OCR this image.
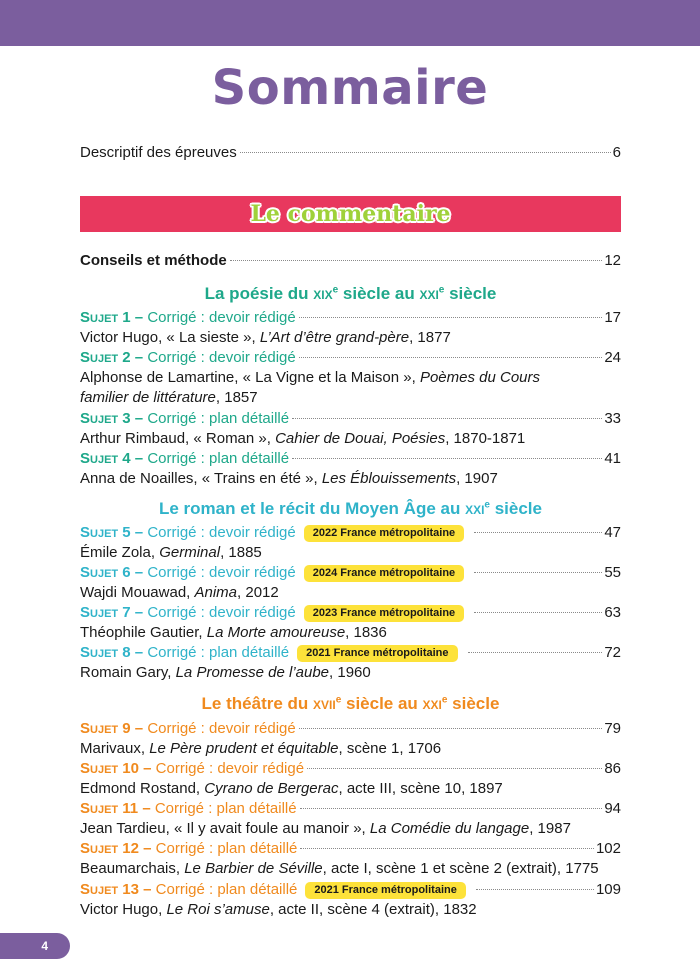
Sommaire
Descriptif des épreuves	6
Le commentaire
Conseils et méthode	12
La poésie du xix$^e$ siècle au xxi$^e$ siècle
Sujet 1 – Corrigé : devoir rédigé	17
Victor Hugo, « La sieste », L’Art d’être grand-père, 1877
Sujet 2 – Corrigé : devoir rédigé	24
Alphonse de Lamartine, « La Vigne et la Maison », Poèmes du Cours familier de littérature, 1857
Sujet 3 – Corrigé : plan détaillé	33
Arthur Rimbaud, « Roman », Cahier de Douai, Poésies, 1870-1871
Sujet 4 – Corrigé : plan détaillé	41
Anna de Noailles, « Trains en été », Les Éblouissements, 1907
Le roman et le récit du Moyen Âge au xxi$^e$ siècle
Sujet 5 – Corrigé : devoir rédigé	2022 France métropolitaine	47
Émile Zola, Germinal, 1885
Sujet 6 – Corrigé : devoir rédigé	2024 France métropolitaine	55
Wajdi Mouawad, Anima, 2012
Sujet 7 – Corrigé : devoir rédigé	2023 France métropolitaine	63
Théophile Gautier, La Morte amoureuse, 1836
Sujet 8 – Corrigé : plan détaillé	2021 France métropolitaine	72
Romain Gary, La Promesse de l’aube, 1960
Le théâtre du xvii$^e$ siècle au xxi$^e$ siècle
Sujet 9 – Corrigé : devoir rédigé	79
Marivaux, Le Père prudent et équitable, scène 1, 1706
Sujet 10 – Corrigé : devoir rédigé	86
Edmond Rostand, Cyrano de Bergerac, acte III, scène 10, 1897
Sujet 11 – Corrigé : plan détaillé	94
Jean Tardieu, « Il y avait foule au manoir », La Comédie du langage, 1987
Sujet 12 – Corrigé : plan détaillé	102
Beaumarchais, Le Barbier de Séville, acte I, scène 1 et scène 2 (extrait), 1775
Sujet 13 – Corrigé : plan détaillé	2021 France métropolitaine	109
Victor Hugo, Le Roi s’amuse, acte II, scène 4 (extrait), 1832
4
